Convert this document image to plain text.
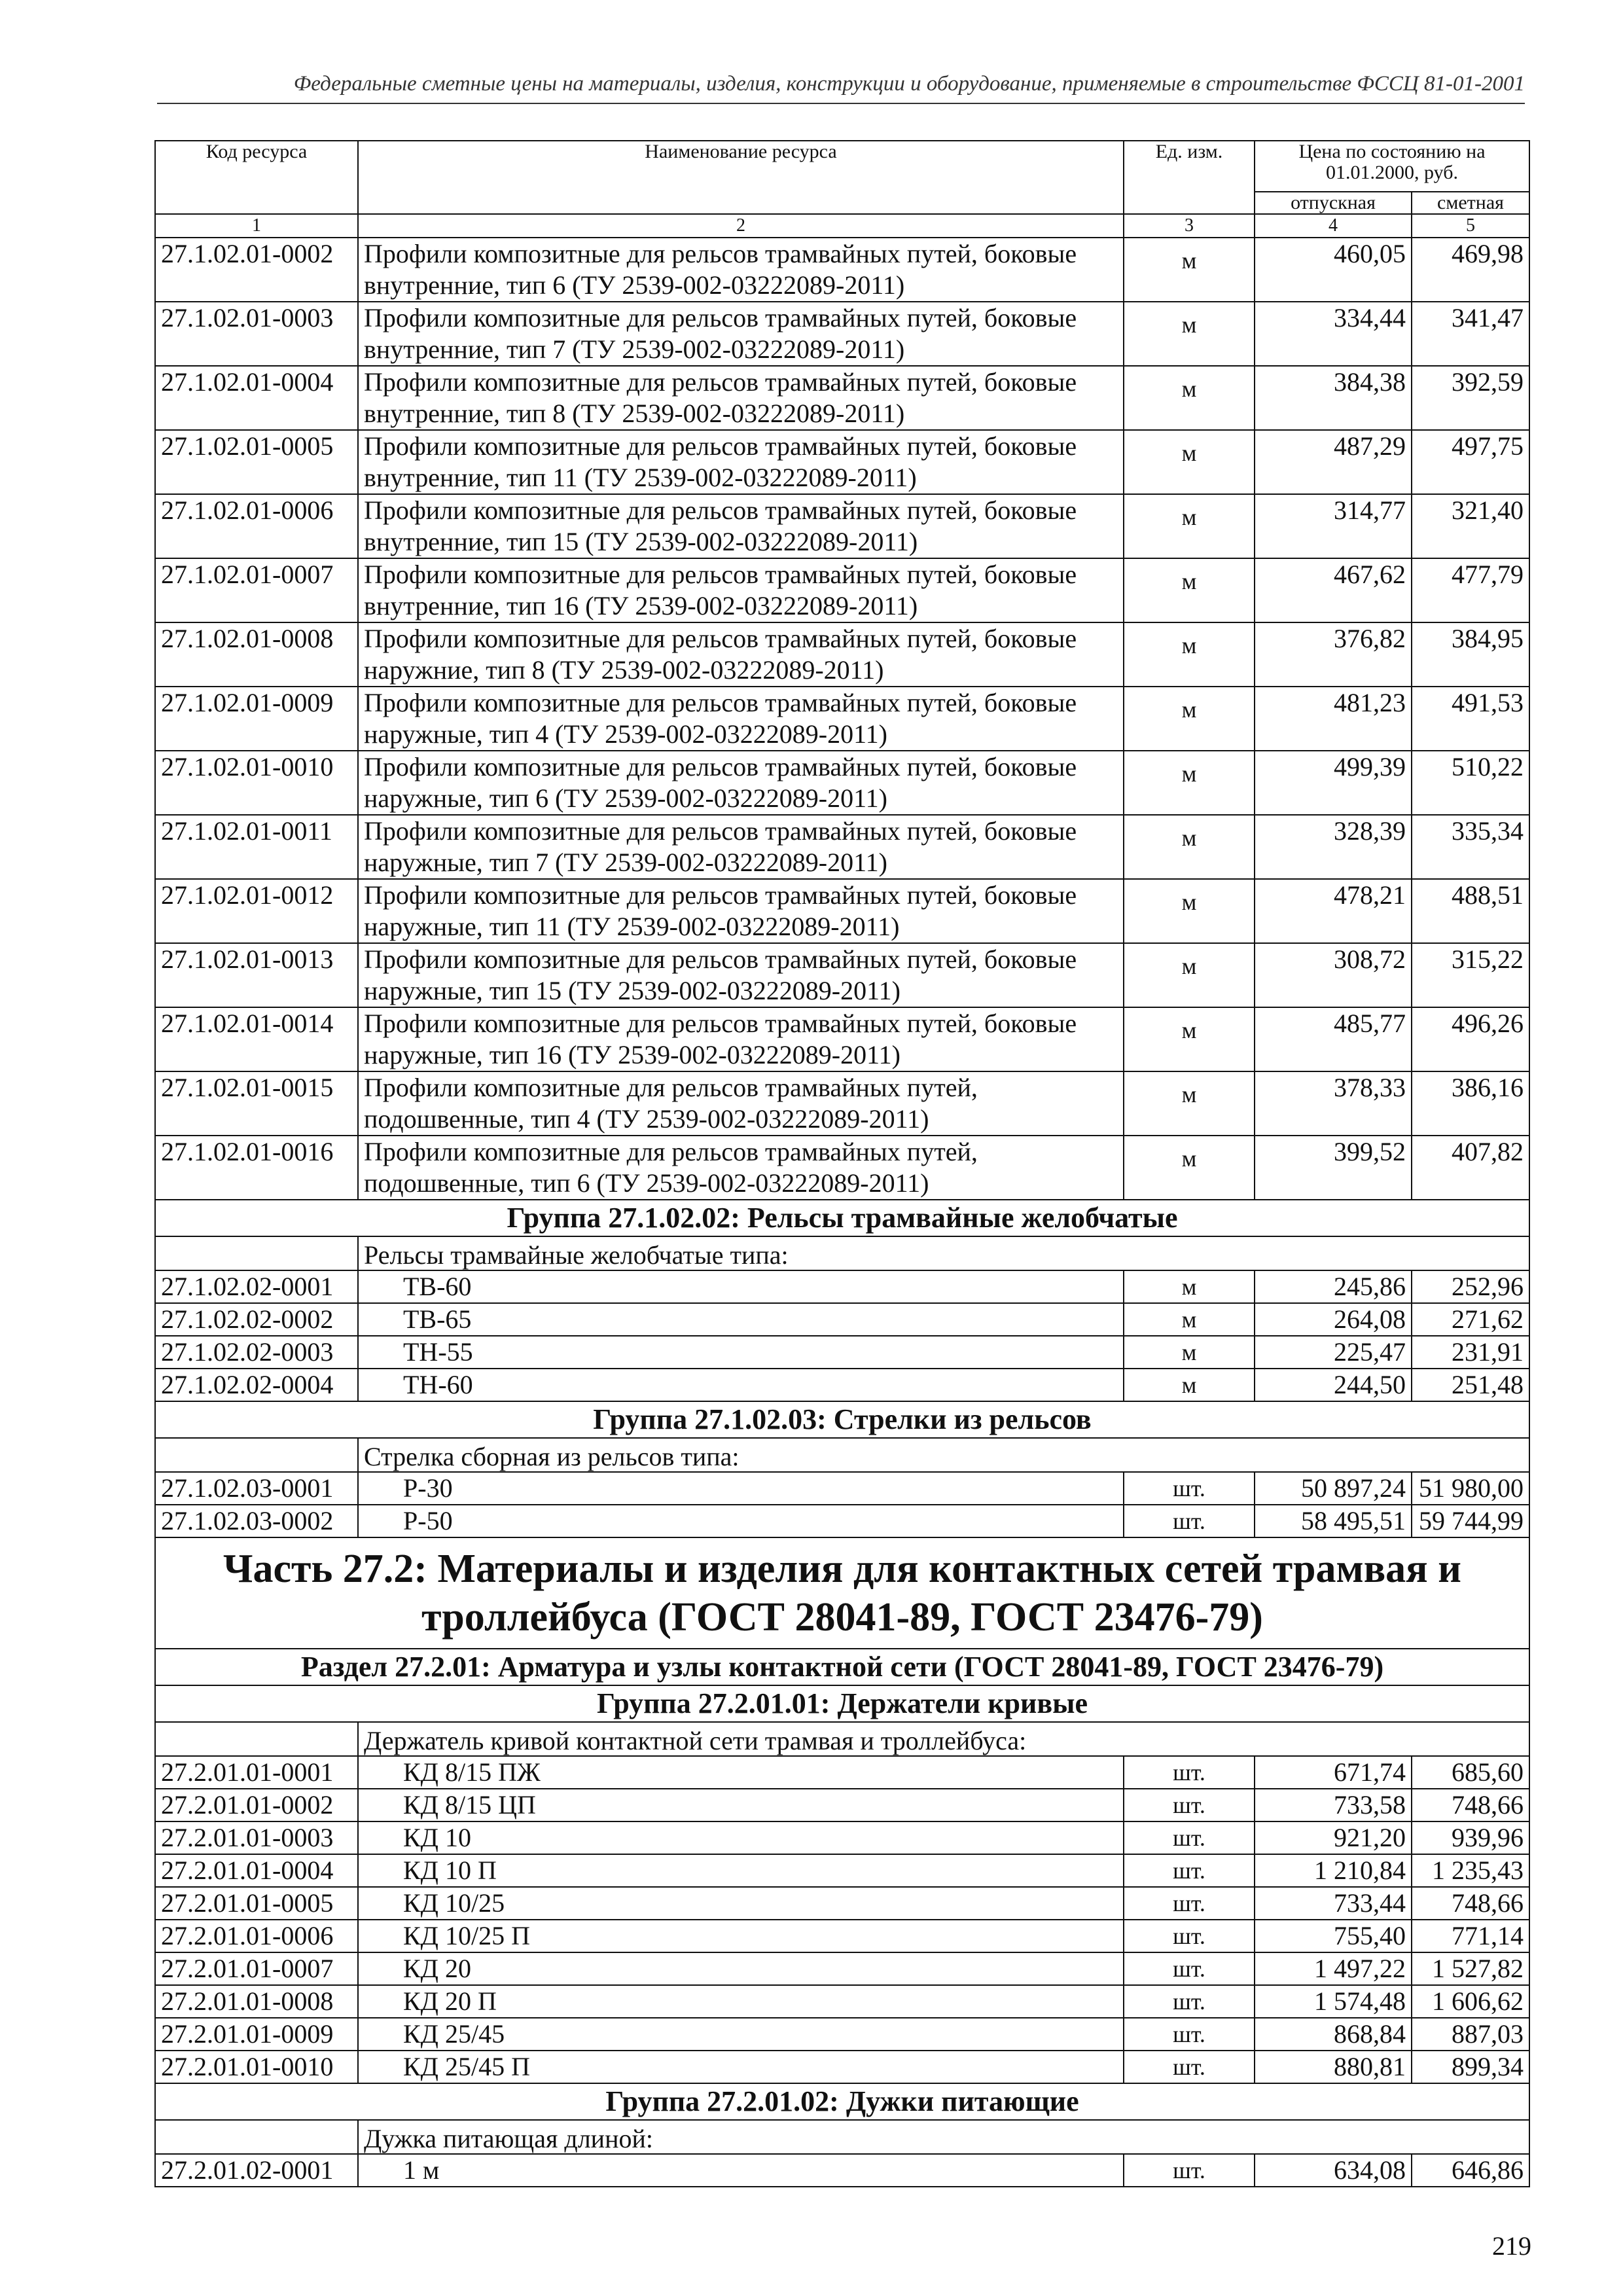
Федеральные сметные цены на материалы, изделия, конструкции и оборудование, применяемые в строительстве ФССЦ 81-01-2001
Код ресурса	Наименование ресурса	Ед. изм.	Цена по состоянию на 01.01.2000, руб.	
			отпускная	сметная
1	2	3	4	5
27.1.02.01-0002	Профили композитные для рельсов трамвайных путей, боковые внутренние, тип 6 (ТУ 2539-002-03222089-2011)	м	460,05	469,98
27.1.02.01-0003	Профили композитные для рельсов трамвайных путей, боковые внутренние, тип 7 (ТУ 2539-002-03222089-2011)	м	334,44	341,47
27.1.02.01-0004	Профили композитные для рельсов трамвайных путей, боковые внутренние, тип 8 (ТУ 2539-002-03222089-2011)	м	384,38	392,59
27.1.02.01-0005	Профили композитные для рельсов трамвайных путей, боковые внутренние, тип 11 (ТУ 2539-002-03222089-2011)	м	487,29	497,75
27.1.02.01-0006	Профили композитные для рельсов трамвайных путей, боковые внутренние, тип 15 (ТУ 2539-002-03222089-2011)	м	314,77	321,40
27.1.02.01-0007	Профили композитные для рельсов трамвайных путей, боковые внутренние, тип 16 (ТУ 2539-002-03222089-2011)	м	467,62	477,79
27.1.02.01-0008	Профили композитные для рельсов трамвайных путей, боковые наружние, тип 8 (ТУ 2539-002-03222089-2011)	м	376,82	384,95
27.1.02.01-0009	Профили композитные для рельсов трамвайных путей, боковые наружные, тип 4 (ТУ 2539-002-03222089-2011)	м	481,23	491,53
27.1.02.01-0010	Профили композитные для рельсов трамвайных путей, боковые наружные, тип 6 (ТУ 2539-002-03222089-2011)	м	499,39	510,22
27.1.02.01-0011	Профили композитные для рельсов трамвайных путей, боковые наружные, тип 7 (ТУ 2539-002-03222089-2011)	м	328,39	335,34
27.1.02.01-0012	Профили композитные для рельсов трамвайных путей, боковые наружные, тип 11 (ТУ 2539-002-03222089-2011)	м	478,21	488,51
27.1.02.01-0013	Профили композитные для рельсов трамвайных путей, боковые наружные, тип 15 (ТУ 2539-002-03222089-2011)	м	308,72	315,22
27.1.02.01-0014	Профили композитные для рельсов трамвайных путей, боковые наружные, тип 16 (ТУ 2539-002-03222089-2011)	м	485,77	496,26
27.1.02.01-0015	Профили композитные для рельсов трамвайных путей, подошвенные, тип 4 (ТУ 2539-002-03222089-2011)	м	378,33	386,16
27.1.02.01-0016	Профили композитные для рельсов трамвайных путей, подошвенные, тип 6 (ТУ 2539-002-03222089-2011)	м	399,52	407,82
Группа 27.1.02.02: Рельсы трамвайные желобчатые				
	Рельсы трамвайные желобчатые типа:			
27.1.02.02-0001	ТВ-60	м	245,86	252,96
27.1.02.02-0002	ТВ-65	м	264,08	271,62
27.1.02.02-0003	ТН-55	м	225,47	231,91
27.1.02.02-0004	ТН-60	м	244,50	251,48
Группа 27.1.02.03: Стрелки из рельсов				
	Стрелка сборная из рельсов типа:			
27.1.02.03-0001	Р-30	шт.	50 897,24	51 980,00
27.1.02.03-0002	Р-50	шт.	58 495,51	59 744,99
Часть 27.2: Материалы и изделия для контактных сетей трамвая и троллейбуса (ГОСТ 28041-89, ГОСТ 23476-79)				
Раздел 27.2.01: Арматура и узлы контактной сети (ГОСТ 28041-89, ГОСТ 23476-79)				
Группа 27.2.01.01: Держатели кривые				
	Держатель кривой контактной сети трамвая и троллейбуса:			
27.2.01.01-0001	КД 8/15 ПЖ	шт.	671,74	685,60
27.2.01.01-0002	КД 8/15 ЦП	шт.	733,58	748,66
27.2.01.01-0003	КД 10	шт.	921,20	939,96
27.2.01.01-0004	КД 10 П	шт.	1 210,84	1 235,43
27.2.01.01-0005	КД 10/25	шт.	733,44	748,66
27.2.01.01-0006	КД 10/25 П	шт.	755,40	771,14
27.2.01.01-0007	КД 20	шт.	1 497,22	1 527,82
27.2.01.01-0008	КД 20 П	шт.	1 574,48	1 606,62
27.2.01.01-0009	КД 25/45	шт.	868,84	887,03
27.2.01.01-0010	КД 25/45 П	шт.	880,81	899,34
Группа 27.2.01.02: Дужки питающие				
	Дужка питающая длиной:			
27.2.01.02-0001	1 м	шт.	634,08	646,86
219
